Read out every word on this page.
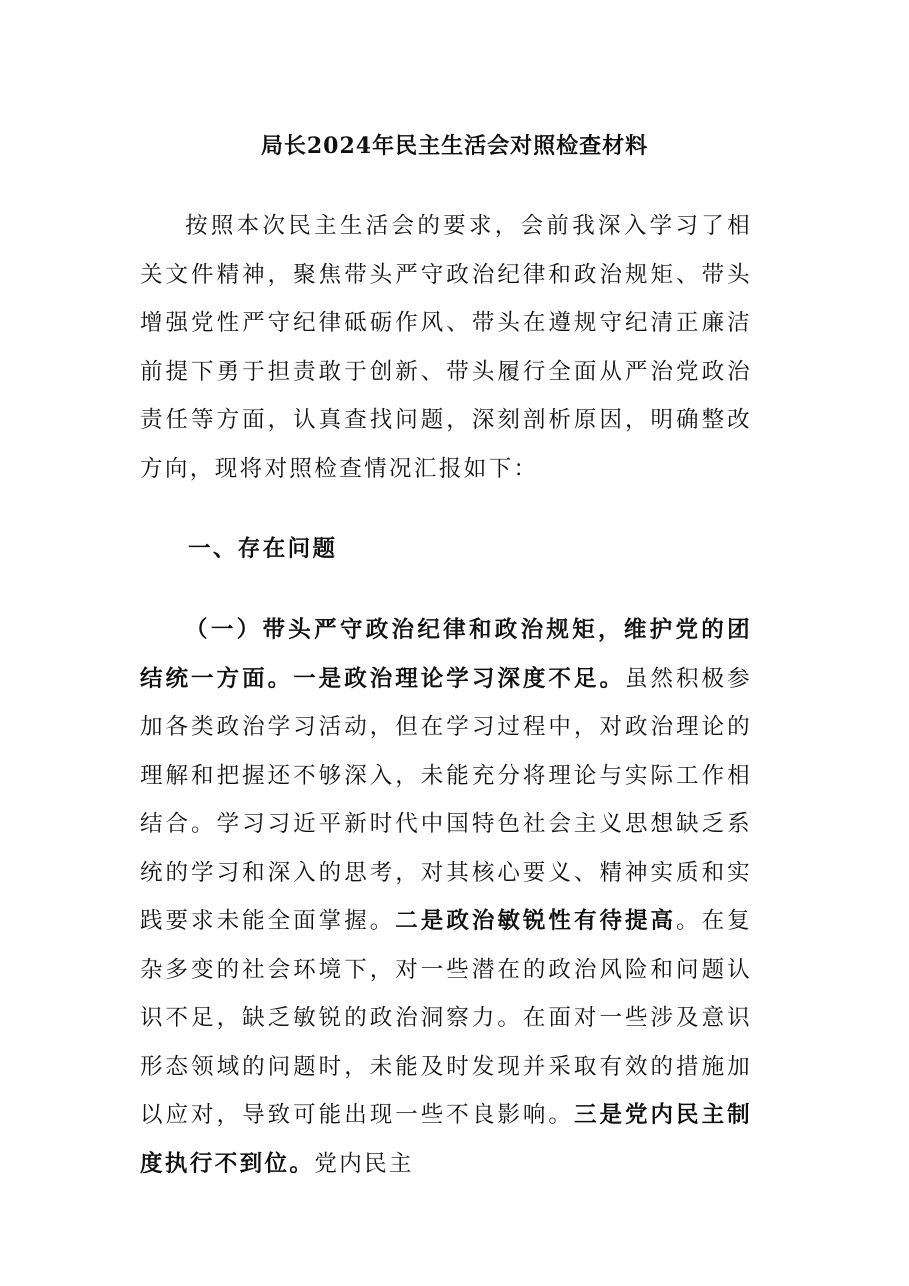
局长2024年民主生活会对照检查材料

按照本次民主生活会的要求，会前我深入学习了相关文件精神，聚焦带头严守政治纪律和政治规矩、带头增强党性严守纪律砥砺作风、带头在遵规守纪清正廉洁前提下勇于担责敢于创新、带头履行全面从严治党政治责任等方面，认真查找问题，深刻剖析原因，明确整改方向，现将对照检查情况汇报如下：

一、存在问题

（一）带头严守政治纪律和政治规矩，维护党的团结统一方面。一是政治理论学习深度不足。虽然积极参加各类政治学习活动，但在学习过程中，对政治理论的理解和把握还不够深入，未能充分将理论与实际工作相结合。学习习近平新时代中国特色社会主义思想缺乏系统的学习和深入的思考，对其核心要义、精神实质和实践要求未能全面掌握。二是政治敏锐性有待提高。在复杂多变的社会环境下，对一些潜在的政治风险和问题认识不足，缺乏敏锐的政治洞察力。在面对一些涉及意识形态领域的问题时，未能及时发现并采取有效的措施加以应对，导致可能出现一些不良影响。三是党内民主制度执行不到位。党内民主
